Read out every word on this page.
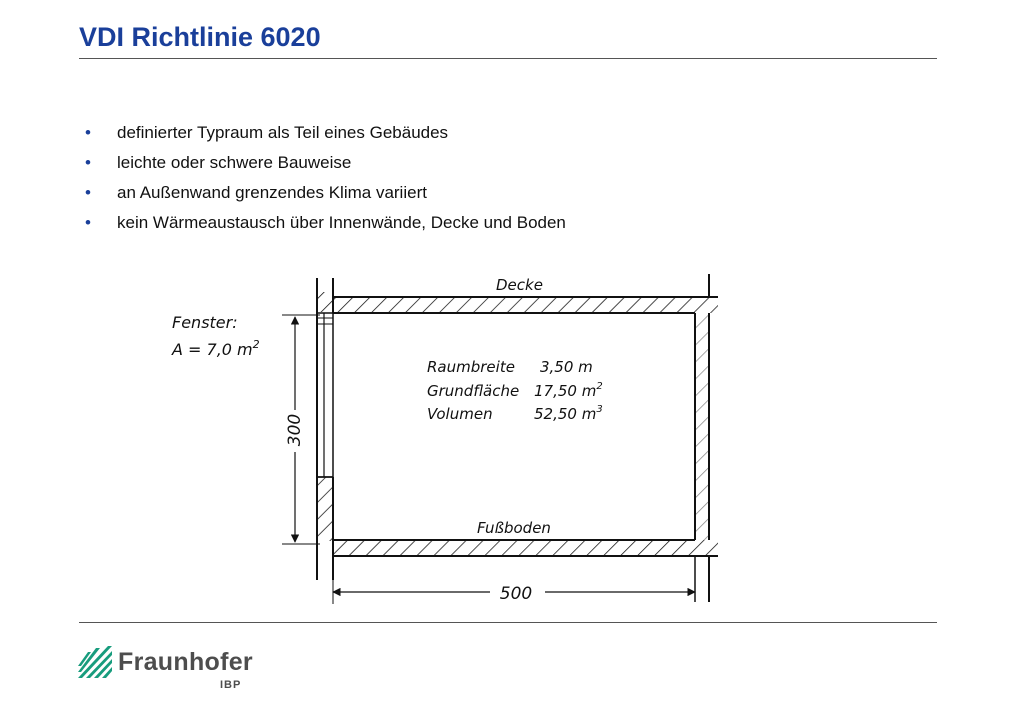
VDI Richtlinie 6020
• definierter Typraum als Teil eines Gebäudes
• leichte oder schwere Bauweise
• an Außenwand grenzendes Klima variiert
• kein Wärmeaustausch über Innenwände, Decke und Boden
300
500
Decke
Fußboden
Fenster:
A = 7,0 $m^2$
Raumbreite 3,50 m
Grundfläche 17,50 $m^2$
Volumen	52,50 $m^3$
Fraunhofer
IBP
